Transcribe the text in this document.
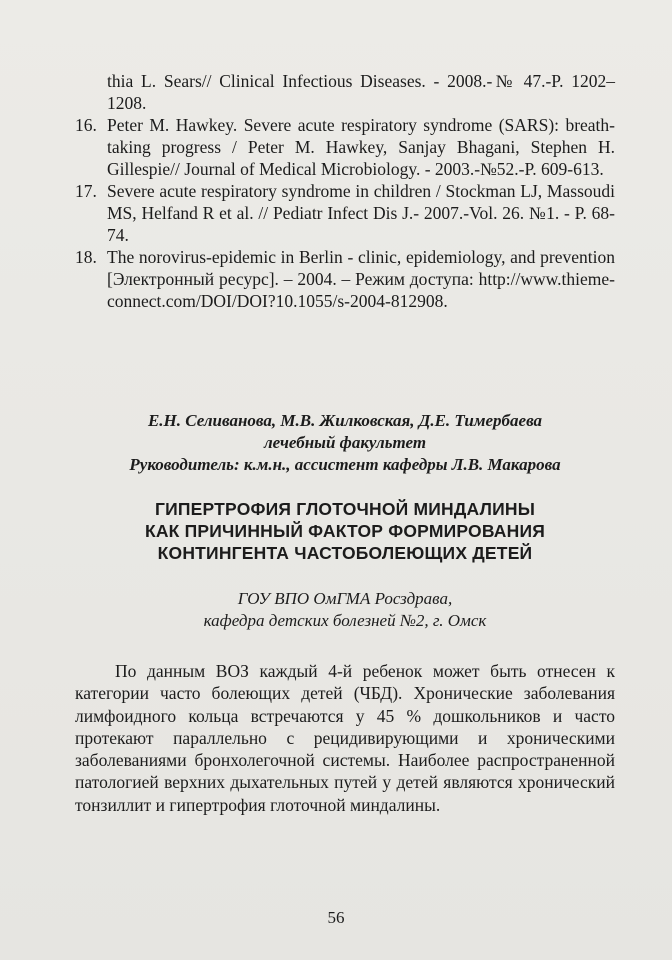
thia L. Sears// Clinical Infectious Diseases. - 2008.-№ 47.-P. 1202–1208.
16. Peter M. Hawkey. Severe acute respiratory syndrome (SARS): breath-taking progress / Peter M. Hawkey, Sanjay Bhagani, Stephen H. Gillespie// Journal of Medical Microbiology. - 2003.-№52.-P. 609-613.
17. Severe acute respiratory syndrome in children / Stockman LJ, Massoudi MS, Helfand R et al. // Pediatr Infect Dis J.- 2007.-Vol. 26. №1. - P. 68-74.
18. The norovirus-epidemic in Berlin - clinic, epidemiology, and prevention [Электронный ресурс]. – 2004. – Режим доступа: http://www.thieme-connect.com/DOI/DOI?10.1055/s-2004-812908.
Е.Н. Селиванова, М.В. Жилковская, Д.Е. Тимербаева
лечебный факультет
Руководитель: к.м.н., ассистент кафедры Л.В. Макарова
ГИПЕРТРОФИЯ ГЛОТОЧНОЙ МИНДАЛИНЫ
КАК ПРИЧИННЫЙ ФАКТОР ФОРМИРОВАНИЯ
КОНТИНГЕНТА ЧАСТОБОЛЕЮЩИХ ДЕТЕЙ
ГОУ ВПО ОмГМА Росздрава,
кафедра детских болезней №2, г. Омск

По данным ВОЗ каждый 4-й ребенок может быть отнесен к категории часто болеющих детей (ЧБД). Хронические заболевания лимфоидного кольца встречаются у 45 % дошкольников и часто протекают параллельно с рецидивирующими и хроническими заболеваниями бронхолегочной системы. Наиболее распространенной патологией верхних дыхательных путей у детей являются хронический тонзиллит и гипертрофия глоточной миндалины.

56
